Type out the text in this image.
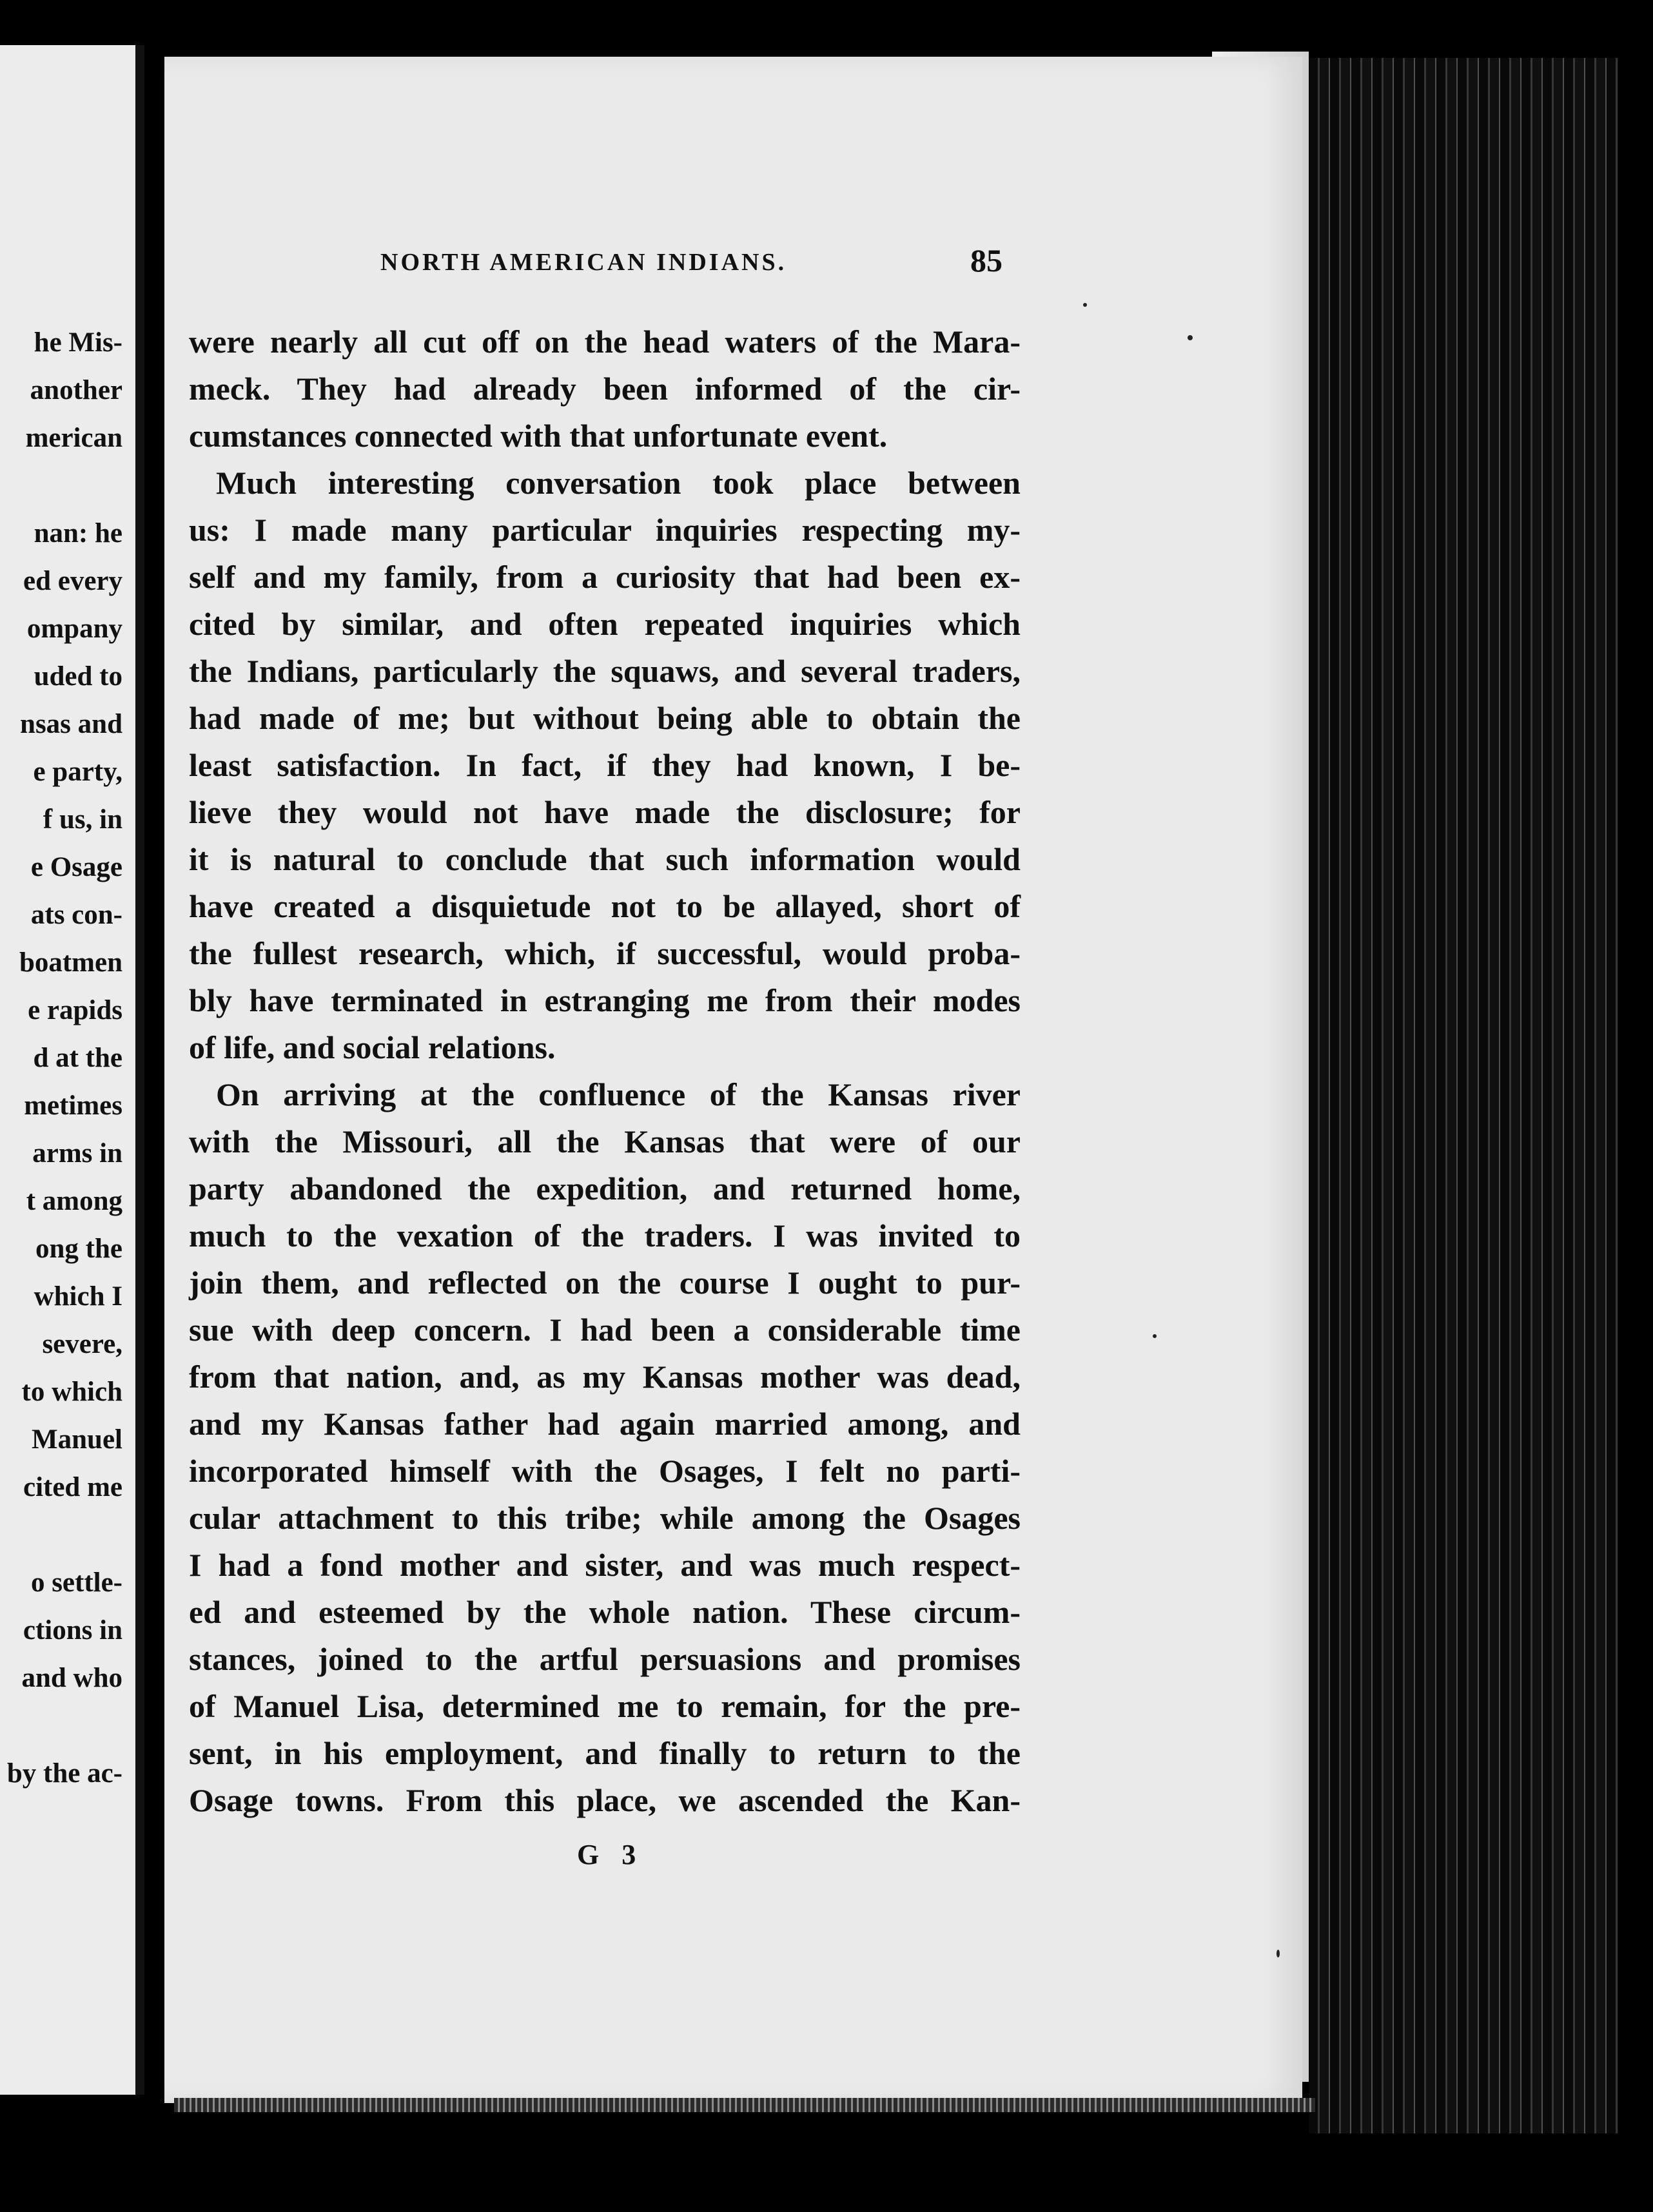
he Mis-
another
merican
nan: he
ed every
ompany
uded to
nsas and
e party,
f us, in
e Osage
ats con-
boatmen
e rapids
d at the
metimes
arms in
t among
ong the
which I
severe,
to which
Manuel
cited me
o settle-
ctions in
and who
by the ac-
NORTH AMERICAN INDIANS.	85
were nearly all cut off on the head waters of the Mara-
meck. They had already been informed of the cir-
cumstances connected with that unfortunate event.
Much interesting conversation took place between
us: I made many particular inquiries respecting my-
self and my family, from a curiosity that had been ex-
cited by similar, and often repeated inquiries which
the Indians, particularly the squaws, and several traders,
had made of me; but without being able to obtain the
least satisfaction. In fact, if they had known, I be-
lieve they would not have made the disclosure; for
it is natural to conclude that such information would
have created a disquietude not to be allayed, short of
the fullest research, which, if successful, would proba-
bly have terminated in estranging me from their modes
of life, and social relations.
On arriving at the confluence of the Kansas river
with the Missouri, all the Kansas that were of our
party abandoned the expedition, and returned home,
much to the vexation of the traders. I was invited to
join them, and reflected on the course I ought to pur-
sue with deep concern. I had been a considerable time
from that nation, and, as my Kansas mother was dead,
and my Kansas father had again married among, and
incorporated himself with the Osages, I felt no parti-
cular attachment to this tribe; while among the Osages
I had a fond mother and sister, and was much respect-
ed and esteemed by the whole nation. These circum-
stances, joined to the artful persuasions and promises
of Manuel Lisa, determined me to remain, for the pre-
sent, in his employment, and finally to return to the
Osage towns. From this place, we ascended the Kan-
G 3
